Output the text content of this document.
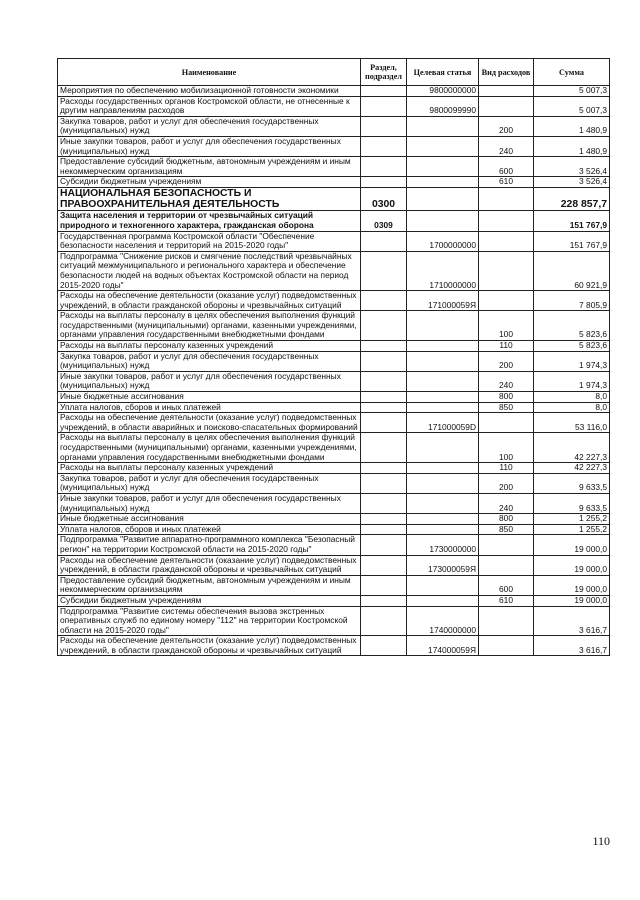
Наименование	Раздел, подраздел	Целевая статья	Вид расходов	Сумма
Мероприятия по обеспечению мобилизационной готовности экономики		9800000000		5 007,3
Расходы государственных органов Костромской области, не отнесенные к другим направлениям расходов		9800099990		5 007,3
Закупка товаров, работ и услуг для обеспечения государственных (муниципальных) нужд			200	1 480,9
Иные закупки товаров, работ и услуг для обеспечения государственных (муниципальных) нужд			240	1 480,9
Предоставление субсидий бюджетным, автономным учреждениям и иным некоммерческим организациям			600	3 526,4
Субсидии бюджетным учреждениям			610	3 526,4
НАЦИОНАЛЬНАЯ БЕЗОПАСНОСТЬ И ПРАВООХРАНИТЕЛЬНАЯ ДЕЯТЕЛЬНОСТЬ	0300			228 857,7
Защита населения и территории от чрезвычайных ситуаций природного и техногенного характера, гражданская оборона	0309			151 767,9
Государственная программа Костромской области "Обеспечение безопасности населения и территорий на 2015-2020 годы"		1700000000		151 767,9
Подпрограмма "Снижение рисков и смягчение последствий чрезвычайных ситуаций межмуниципального и регионального характера и обеспечение безопасности людей на водных объектах Костромской области на период 2015-2020 годы"		1710000000		60 921,9
Расходы на обеспечение деятельности (оказание услуг) подведомственных учреждений, в области гражданской обороны и чрезвычайных ситуаций		171000059Я		7 805,9
Расходы на выплаты персоналу в целях обеспечения выполнения функций государственными (муниципальными) органами, казенными учреждениями, органами управления государственными внебюджетными фондами			100	5 823,6
Расходы на выплаты персоналу казенных учреждений			110	5 823,6
Закупка товаров, работ и услуг для обеспечения государственных (муниципальных) нужд			200	1 974,3
Иные закупки товаров, работ и услуг для обеспечения государственных (муниципальных) нужд			240	1 974,3
Иные бюджетные ассигнования			800	8,0
Уплата налогов, сборов и иных платежей			850	8,0
Расходы на обеспечение деятельности (оказание услуг) подведомственных учреждений, в области аварийных и поисково-спасательных формирований		171000059D		53 116,0
Расходы на выплаты персоналу в целях обеспечения выполнения функций государственными (муниципальными) органами, казенными учреждениями, органами управления государственными внебюджетными фондами			100	42 227,3
Расходы на выплаты персоналу казенных учреждений			110	42 227,3
Закупка товаров, работ и услуг для обеспечения государственных (муниципальных) нужд			200	9 633,5
Иные закупки товаров, работ и услуг для обеспечения государственных (муниципальных) нужд			240	9 633,5
Иные бюджетные ассигнования			800	1 255,2
Уплата налогов, сборов и иных платежей			850	1 255,2
Подпрограмма "Развитие аппаратно-программного комплекса "Безопасный регион" на территории Костромской области на 2015-2020 годы"		1730000000		19 000,0
Расходы на обеспечение деятельности (оказание услуг) подведомственных учреждений, в области гражданской обороны и чрезвычайных ситуаций		173000059Я		19 000,0
Предоставление субсидий бюджетным, автономным учреждениям и иным некоммерческим организациям			600	19 000,0
Субсидии бюджетным учреждениям			610	19 000,0
Подпрограмма "Развитие системы обеспечения вызова экстренных оперативных служб по единому номеру "112" на территории Костромской области на 2015-2020 годы"		1740000000		3 616,7
Расходы на обеспечение деятельности (оказание услуг) подведомственных учреждений, в области гражданской обороны и чрезвычайных ситуаций		174000059Я		3 616,7
110
